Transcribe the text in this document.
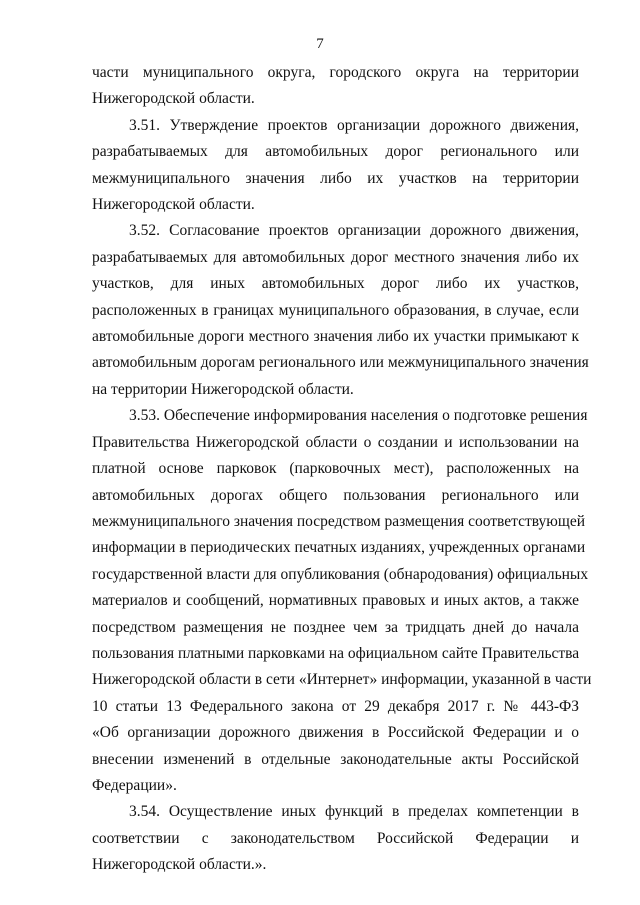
7

части муниципального округа, городского округа на территории
Нижегородской области.

3.51. Утверждение проектов организации дорожного движения,
разрабатываемых для автомобильных дорог регионального или
межмуниципального значения либо их участков на территории
Нижегородской области.

3.52. Согласование проектов организации дорожного движения,
разрабатываемых для автомобильных дорог местного значения либо их
участков, для иных автомобильных дорог либо их участков,
расположенных в границах муниципального образования, в случае, если
автомобильные дороги местного значения либо их участки примыкают к
автомобильным дорогам регионального или межмуниципального значения
на территории Нижегородской области.

3.53. Обеспечение информирования населения о подготовке решения
Правительства Нижегородской области о создании и использовании на
платной основе парковок (парковочных мест), расположенных на
автомобильных дорогах общего пользования регионального или
межмуниципального значения посредством размещения соответствующей
информации в периодических печатных изданиях, учрежденных органами
государственной власти для опубликования (обнародования) официальных
материалов и сообщений, нормативных правовых и иных актов, а также
посредством размещения не позднее чем за тридцать дней до начала
пользования платными парковками на официальном сайте Правительства
Нижегородской области в сети «Интернет» информации, указанной в части
10 статьи 13 Федерального закона от 29 декабря 2017 г. № 443-ФЗ
«Об организации дорожного движения в Российской Федерации и о
внесении изменений в отдельные законодательные акты Российской
Федерации».

3.54. Осуществление иных функций в пределах компетенции в
соответствии с законодательством Российской Федерации и
Нижегородской области.».
